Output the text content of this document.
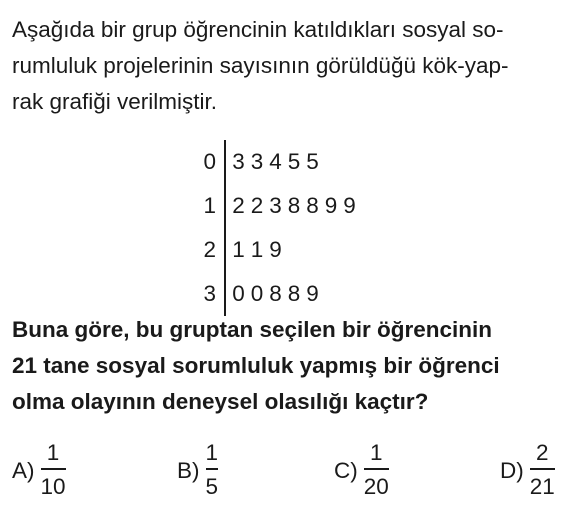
Aşağıda bir grup öğrencinin katıldıkları sosyal so-
rumluluk projelerinin sayısının görüldüğü kök-yap-
rak grafiği verilmiştir.
0 3 3 4 5 5
1 2 2 3 8 8 9 9
2 1 1 9
3 0 0 8 8 9
Buna göre, bu gruptan seçilen bir öğrencinin
21 tane sosyal sorumluluk yapmış bir öğrenci
olma olayının deneysel olasılığı kaçtır?
$A) \frac{1}{10}$	$B) \frac{1}{5}$	$C) \frac{1}{20}$	$D) \frac{2}{21}$
